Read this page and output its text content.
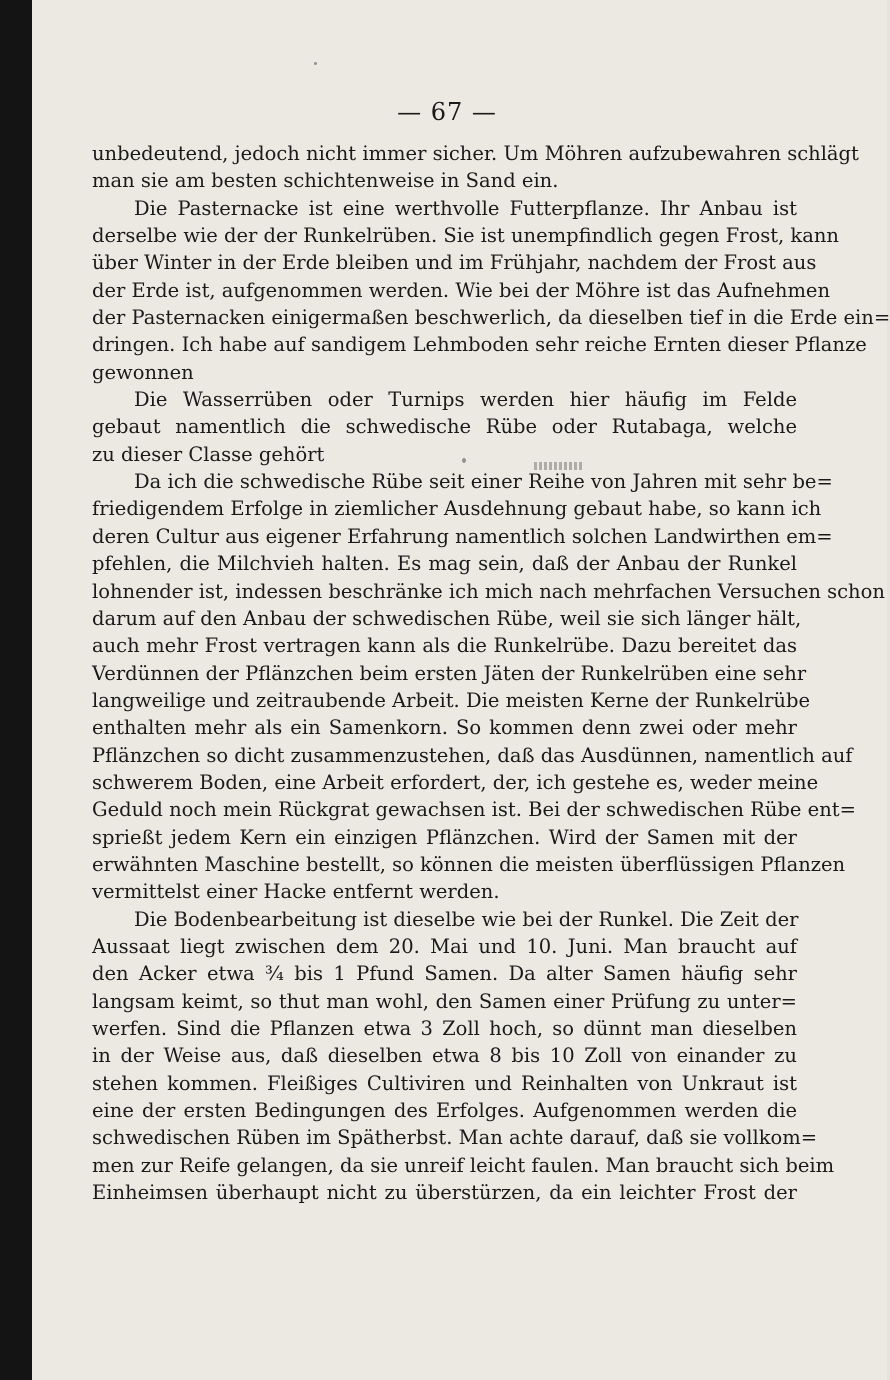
— 67 —
unbedeutend, jedoch nicht immer sicher. Um Möhren aufzubewahren schlägt
man sie am besten schichtenweise in Sand ein.
Die Pasternacke ist eine werthvolle Futterpflanze. Ihr Anbau ist
derselbe wie der der Runkelrüben. Sie ist unempfindlich gegen Frost, kann
über Winter in der Erde bleiben und im Frühjahr, nachdem der Frost aus
der Erde ist, aufgenommen werden. Wie bei der Möhre ist das Aufnehmen
der Pasternacken einigermaßen beschwerlich, da dieselben tief in die Erde ein=
dringen. Ich habe auf sandigem Lehmboden sehr reiche Ernten dieser Pflanze
gewonnen
Die Wasserrüben oder Turnips werden hier häufig im Felde
gebaut namentlich die schwedische Rübe oder Rutabaga, welche
zu dieser Classe gehört
Da ich die schwedische Rübe seit einer Reihe von Jahren mit sehr be=
friedigendem Erfolge in ziemlicher Ausdehnung gebaut habe, so kann ich
deren Cultur aus eigener Erfahrung namentlich solchen Landwirthen em=
pfehlen, die Milchvieh halten. Es mag sein, daß der Anbau der Runkel
lohnender ist, indessen beschränke ich mich nach mehrfachen Versuchen schon
darum auf den Anbau der schwedischen Rübe, weil sie sich länger hält,
auch mehr Frost vertragen kann als die Runkelrübe. Dazu bereitet das
Verdünnen der Pflänzchen beim ersten Jäten der Runkelrüben eine sehr
langweilige und zeitraubende Arbeit. Die meisten Kerne der Runkelrübe
enthalten mehr als ein Samenkorn. So kommen denn zwei oder mehr
Pflänzchen so dicht zusammenzustehen, daß das Ausdünnen, namentlich auf
schwerem Boden, eine Arbeit erfordert, der, ich gestehe es, weder meine
Geduld noch mein Rückgrat gewachsen ist. Bei der schwedischen Rübe ent=
sprießt jedem Kern ein einzigen Pflänzchen. Wird der Samen mit der
erwähnten Maschine bestellt, so können die meisten überflüssigen Pflanzen
vermittelst einer Hacke entfernt werden.
Die Bodenbearbeitung ist dieselbe wie bei der Runkel. Die Zeit der
Aussaat liegt zwischen dem 20. Mai und 10. Juni. Man braucht auf
den Acker etwa ¾ bis 1 Pfund Samen. Da alter Samen häufig sehr
langsam keimt, so thut man wohl, den Samen einer Prüfung zu unter=
werfen. Sind die Pflanzen etwa 3 Zoll hoch, so dünnt man dieselben
in der Weise aus, daß dieselben etwa 8 bis 10 Zoll von einander zu
stehen kommen. Fleißiges Cultiviren und Reinhalten von Unkraut ist
eine der ersten Bedingungen des Erfolges. Aufgenommen werden die
schwedischen Rüben im Spätherbst. Man achte darauf, daß sie vollkom=
men zur Reife gelangen, da sie unreif leicht faulen. Man braucht sich beim
Einheimsen überhaupt nicht zu überstürzen, da ein leichter Frost der
